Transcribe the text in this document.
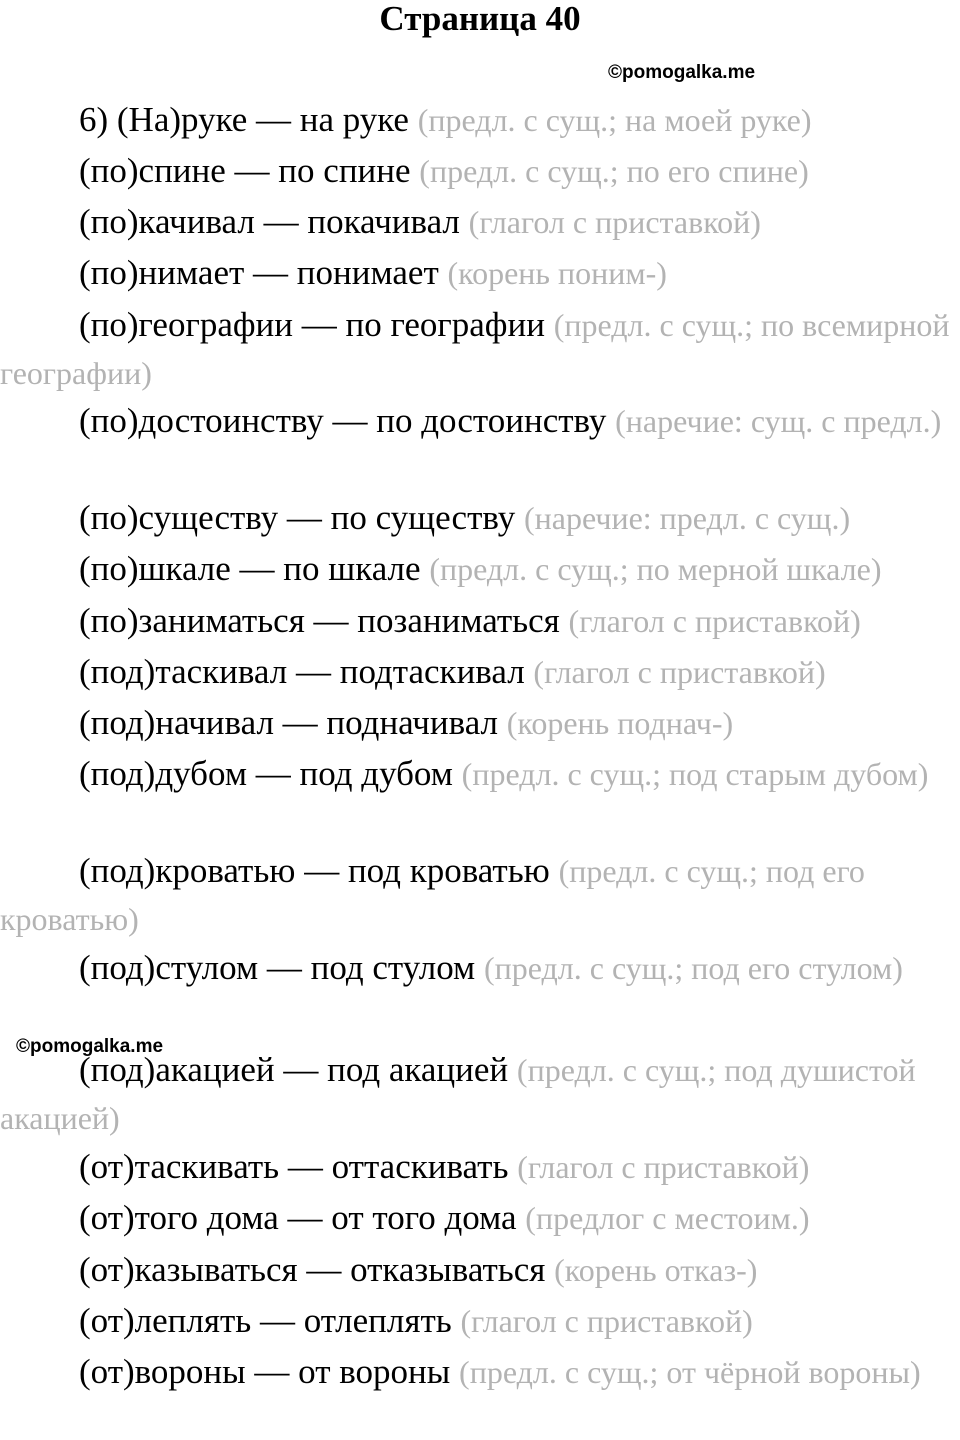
Страница 40
©pomogalka.me
6) (На)руке — на руке (предл. с сущ.; на моей руке)
(по)спине — по спине (предл. с сущ.; по его спине)
(по)качивал — покачивал (глагол с приставкой)
(по)нимает — понимает (корень поним-)
(по)географии — по географии (предл. с сущ.; по всемирной географии)
(по)достоинству — по достоинству (наречие: сущ. с предл.)
(по)существу — по существу (наречие: предл. с сущ.)
(по)шкале — по шкале (предл. с сущ.; по мерной шкале)
(по)заниматься — позаниматься (глагол с приставкой)
(под)таскивал — подтаскивал (глагол с приставкой)
(под)начивал — подначивал (корень поднач-)
(под)дубом — под дубом (предл. с сущ.; под старым дубом)
(под)кроватью — под кроватью (предл. с сущ.; под его кроватью)
(под)стулом — под стулом (предл. с сущ.; под его стулом)
©pomogalka.me
(под)акацией — под акацией (предл. с сущ.; под душистой акацией)
(от)таскивать — оттаскивать (глагол с приставкой)
(от)того дома — от того дома (предлог с местоим.)
(от)казываться — отказываться (корень отказ-)
(от)леплять — отлеплять (глагол с приставкой)
(от)вороны — от вороны (предл. с сущ.; от чёрной вороны)
